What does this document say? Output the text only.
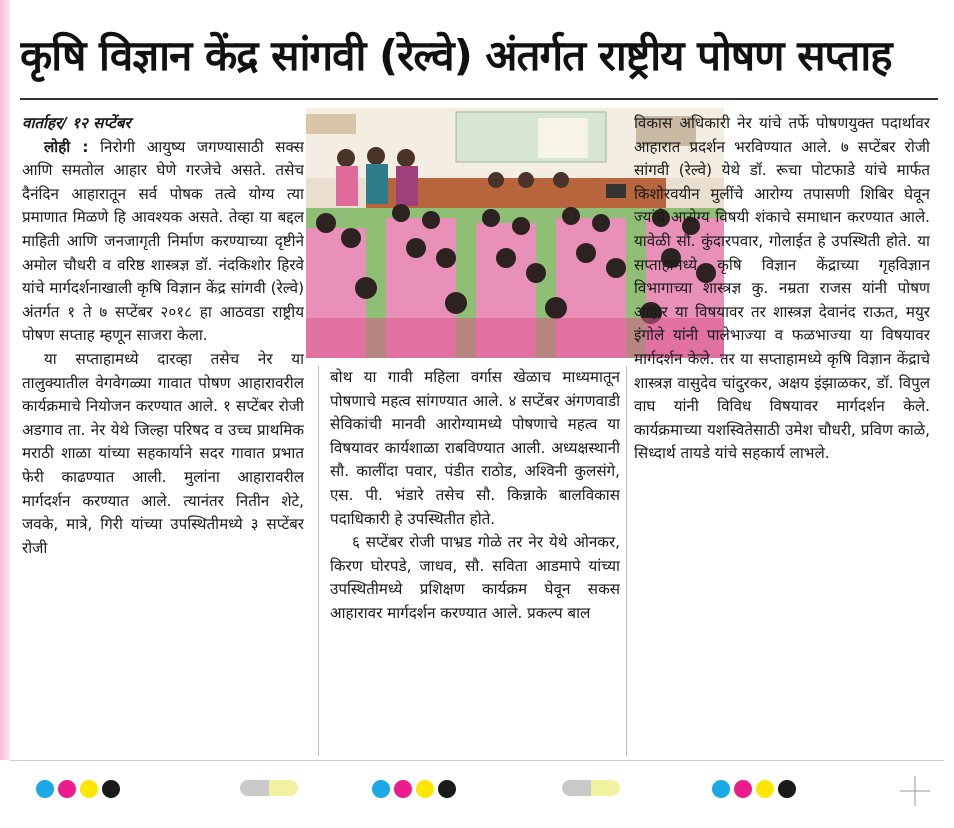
कृषि विज्ञान केंद्र सांगवी (रेल्वे) अंतर्गत राष्ट्रीय पोषण सप्ताह

वार्ताहर/ १२ सप्टेंबर

लोही : निरोगी आयुष्य जगण्यासाठी सक्स आणि समतोल आहार घेणे गरजेचे असते. तसेच दैनंदिन आहारातून सर्व पोषक तत्वे योग्य त्या प्रमाणात मिळणे हि आवश्यक असते. तेव्हा या बद्दल माहिती आणि जनजागृती निर्माण करण्याच्या दृष्टीने अमोल चौधरी व वरिष्ठ शास्त्रज्ञ डॉ. नंदकिशोर हिरवे यांचे मार्गदर्शनाखाली कृषि विज्ञान केंद्र सांगवी (रेल्वे) अंतर्गत १ ते ७ सप्टेंबर २०१८ हा आठवडा राष्ट्रीय पोषण सप्ताह म्हणून साजरा केला.

या सप्ताहामध्ये दारव्हा तसेच नेर या तालुक्यातील वेगवेगळ्या गावात पोषण आहारावरील कार्यक्रमाचे नियोजन करण्यात आले. १ सप्टेंबर रोजी अडगाव ता. नेर येथे जिल्हा परिषद व उच्च प्राथमिक मराठी शाळा यांच्या सहकार्याने सदर गावात प्रभात फेरी काढण्यात आली. मुलांना आहारावरील मार्गदर्शन करण्यात आले. त्यानंतर नितीन शेटे, जवके, मात्रे, गिरी यांच्या उपस्थितीमध्ये ३ सप्टेंबर रोजी

बोथ या गावी महिला वर्गास खेळाच माध्यमातून पोषणाचे महत्व सांगण्यात आले. ४ सप्टेंबर अंगणवाडी सेविकांची मानवी आरोग्यामध्ये पोषणाचे महत्व या विषयावर कार्यशाळा राबविण्यात आली. अध्यक्षस्थानी सौ. कालींदा पवार, पंडीत राठोड, अश्विनी कुलसंगे, एस. पी. भंडारे तसेच सौ. किन्नाके बालविकास पदाधिकारी हे उपस्थितीत होते.

६ सप्टेंबर रोजी पाभ्रड गोळे तर नेर येथे ओनकर, किरण घोरपडे, जाधव, सौ. सविता आडमापे यांच्या उपस्थितीमध्ये प्रशिक्षण कार्यक्रम घेवून सकस आहारावर मार्गदर्शन करण्यात आले. प्रकल्प बाल

विकास अधिकारी नेर यांचे तर्फे पोषणयुक्त पदार्थावर आहारात प्रदर्शन भरविण्यात आले. ७ सप्टेंबर रोजी सांगवी (रेल्वे) येथे डॉ. रूचा पोटफाडे यांचे मार्फत किशोरवयीन मुलींचे आरोग्य तपासणी शिबिर घेवून ज्यांचे आरोग्य विषयी शंकाचे समाधान करण्यात आले. यावेळी सौ. कुंदारपवार, गोलाईत हे उपस्थिती होते. या सप्ताहामध्ये कृषि विज्ञान केंद्राच्या गृहविज्ञान विभागाच्या शास्त्रज्ञ कु. नम्रता राजस यांनी पोषण आहार या विषयावर तर शास्त्रज्ञ देवानंद राऊत, मयुर इंगोले यांनी पालेभाज्या व फळभाज्या या विषयावर मार्गदर्शन केले. तर या सप्ताहामध्ये कृषि विज्ञान केंद्राचे शास्त्रज्ञ वासुदेव चांदुरकर, अक्षय इंझाळकर, डॉ. विपुल वाघ यांनी विविध विषयावर मार्गदर्शन केले. कार्यक्रमाच्या यशस्वितेसाठी उमेश चौधरी, प्रविण काळे, सिध्दार्थ तायडे यांचे सहकार्य लाभले.
